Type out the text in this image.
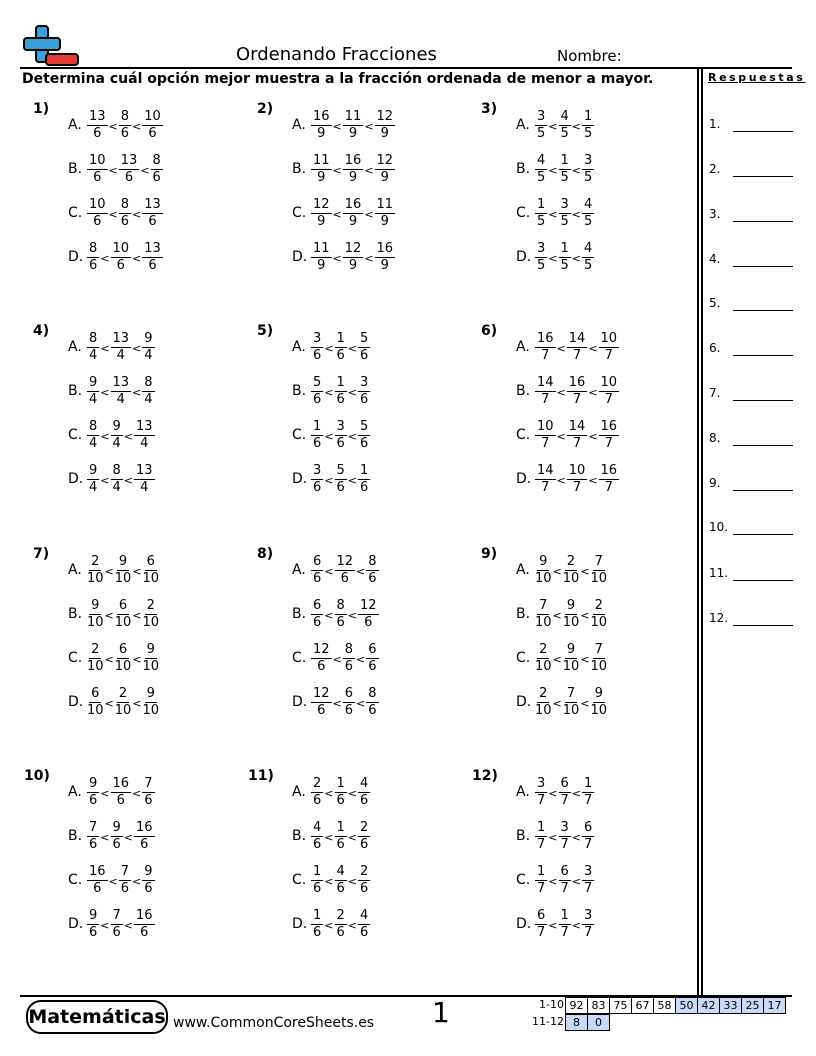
Ordenando Fracciones	Nombre:
Determina cuál opción mejor muestra a la fracción ordenada de menor a mayor.	Respuestas
1.
2.
3.
4.
5.
6.
7.
8.
9.
10.
11.
12.
1)
A. $\frac{13}{6} < \frac{8}{6} < \frac{10}{6}$
B. $\frac{10}{6} < \frac{13}{6} < \frac{8}{6}$
C. $\frac{10}{6} < \frac{8}{6} < \frac{13}{6}$
D. $\frac{8}{6} < \frac{10}{6} < \frac{13}{6}$
2)
A. $\frac{16}{9} < \frac{11}{9} < \frac{12}{9}$
B. $\frac{11}{9} < \frac{16}{9} < \frac{12}{9}$
C. $\frac{12}{9} < \frac{16}{9} < \frac{11}{9}$
D. $\frac{11}{9} < \frac{12}{9} < \frac{16}{9}$
3)
A. $\frac{3}{5} < \frac{4}{5} < \frac{1}{5}$
B. $\frac{4}{5} < \frac{1}{5} < \frac{3}{5}$
C. $\frac{1}{5} < \frac{3}{5} < \frac{4}{5}$
D. $\frac{3}{5} < \frac{1}{5} < \frac{4}{5}$
4)
A. $\frac{8}{4} < \frac{13}{4} < \frac{9}{4}$
B. $\frac{9}{4} < \frac{13}{4} < \frac{8}{4}$
C. $\frac{8}{4} < \frac{9}{4} < \frac{13}{4}$
D. $\frac{9}{4} < \frac{8}{4} < \frac{13}{4}$
5)
A. $\frac{3}{6} < \frac{1}{6} < \frac{5}{6}$
B. $\frac{5}{6} < \frac{1}{6} < \frac{3}{6}$
C. $\frac{1}{6} < \frac{3}{6} < \frac{5}{6}$
D. $\frac{3}{6} < \frac{5}{6} < \frac{1}{6}$
6)
A. $\frac{16}{7} < \frac{14}{7} < \frac{10}{7}$
B. $\frac{14}{7} < \frac{16}{7} < \frac{10}{7}$
C. $\frac{10}{7} < \frac{14}{7} < \frac{16}{7}$
D. $\frac{14}{7} < \frac{10}{7} < \frac{16}{7}$
7)
A. $\frac{2}{10} < \frac{9}{10} < \frac{6}{10}$
B. $\frac{9}{10} < \frac{6}{10} < \frac{2}{10}$
C. $\frac{2}{10} < \frac{6}{10} < \frac{9}{10}$
D. $\frac{6}{10} < \frac{2}{10} < \frac{9}{10}$
8)
A. $\frac{6}{6} < \frac{12}{6} < \frac{8}{6}$
B. $\frac{6}{6} < \frac{8}{6} < \frac{12}{6}$
C. $\frac{12}{6} < \frac{8}{6} < \frac{6}{6}$
D. $\frac{12}{6} < \frac{6}{6} < \frac{8}{6}$
9)
A. $\frac{9}{10} < \frac{2}{10} < \frac{7}{10}$
B. $\frac{7}{10} < \frac{9}{10} < \frac{2}{10}$
C. $\frac{2}{10} < \frac{9}{10} < \frac{7}{10}$
D. $\frac{2}{10} < \frac{7}{10} < \frac{9}{10}$
10)
A. $\frac{9}{6} < \frac{16}{6} < \frac{7}{6}$
B. $\frac{7}{6} < \frac{9}{6} < \frac{16}{6}$
C. $\frac{16}{6} < \frac{7}{6} < \frac{9}{6}$
D. $\frac{9}{6} < \frac{7}{6} < \frac{16}{6}$
11)
A. $\frac{2}{6} < \frac{1}{6} < \frac{4}{6}$
B. $\frac{4}{6} < \frac{1}{6} < \frac{2}{6}$
C. $\frac{1}{6} < \frac{4}{6} < \frac{2}{6}$
D. $\frac{1}{6} < \frac{2}{6} < \frac{4}{6}$
12)
A. $\frac{3}{7} < \frac{6}{7} < \frac{1}{7}$
B. $\frac{1}{7} < \frac{3}{7} < \frac{6}{7}$
C. $\frac{1}{7} < \frac{6}{7} < \frac{3}{7}$
D. $\frac{6}{7} < \frac{1}{7} < \frac{3}{7}$
Matemáticas www.CommonCoreSheets.es 1	1-10 92 83 75 67 58 50 42 33 25 17
11-12 8	0
